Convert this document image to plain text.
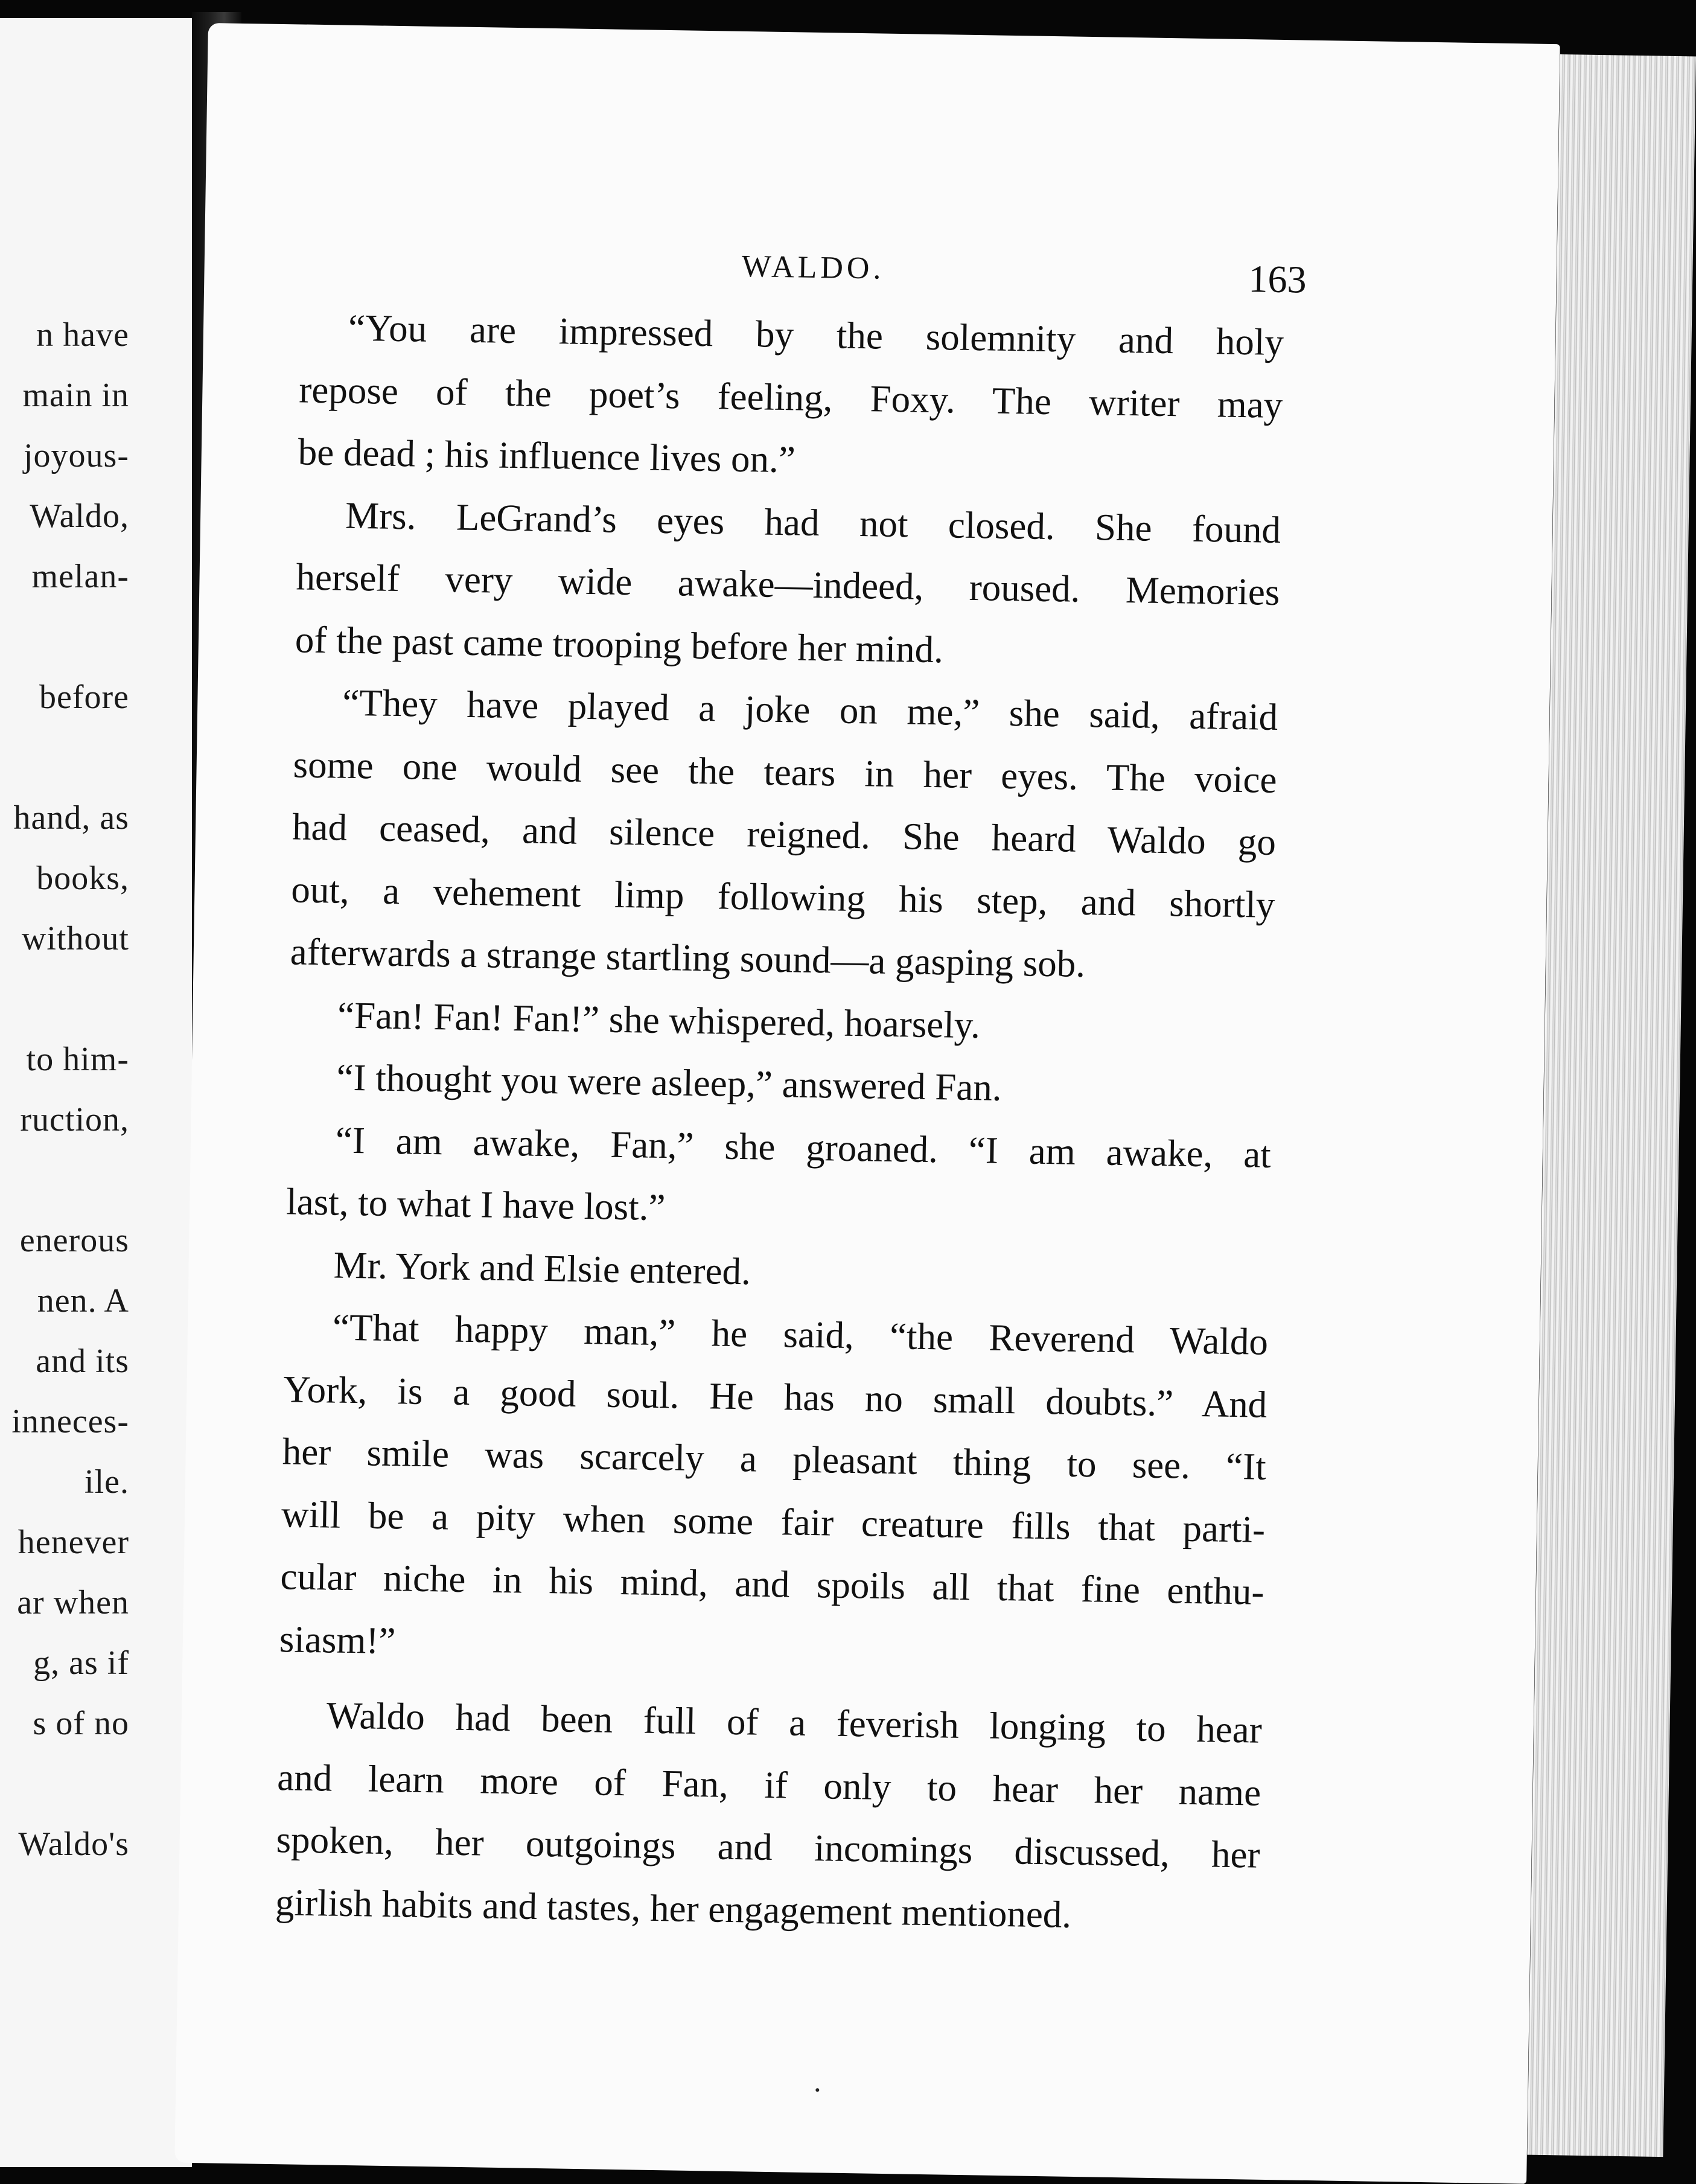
n have
main in
joyous-
Waldo,
melan-
before
hand, as
books,
without
to him-
ruction,
enerous
nen. A
and its
inneces-
ile.
henever
ar when
g, as if
s of no
Waldo's
WALDO.	163
“You are impressed by the solemnity and holy
repose of the poet’s feeling, Foxy. The writer may
be dead ; his influence lives on.”
Mrs. LeGrand’s eyes had not closed. She found
herself very wide awake—indeed, roused. Memories
of the past came trooping before her mind.
“They have played a joke on me,” she said, afraid
some one would see the tears in her eyes. The voice
had ceased, and silence reigned. She heard Waldo go
out, a vehement limp following his step, and shortly
afterwards a strange startling sound—a gasping sob.
“Fan! Fan! Fan!” she whispered, hoarsely.
“I thought you were asleep,” answered Fan.
“I am awake, Fan,” she groaned. “I am awake, at
last, to what I have lost.”
Mr. York and Elsie entered.
“That happy man,” he said, “the Reverend Waldo
York, is a good soul. He has no small doubts.” And
her smile was scarcely a pleasant thing to see. “It
will be a pity when some fair creature fills that parti-
cular niche in his mind, and spoils all that fine enthu-
siasm!”
Waldo had been full of a feverish longing to hear
and learn more of Fan, if only to hear her name
spoken, her outgoings and incomings discussed, her
girlish habits and tastes, her engagement mentioned.
